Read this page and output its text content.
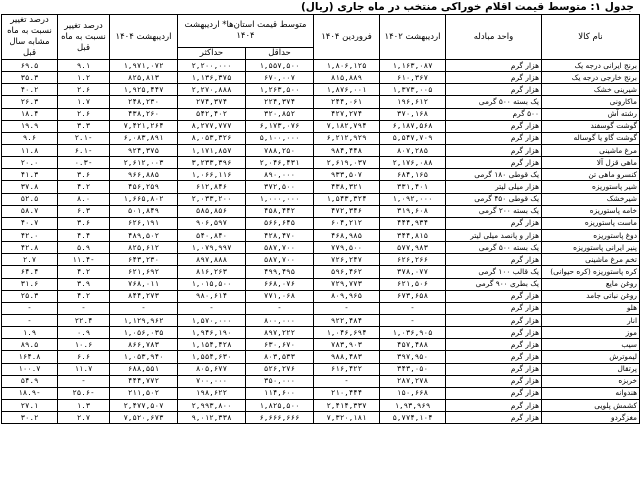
جدول ۱: متوسط قیمت اقلام خوراکی منتخب در ماه جاری (ریال)
نام کالا	واحد مبادله	اردیبهشت ۱۴۰۲	فروردین ۱۴۰۴	متوسط قیمت استان‌ها* اردیبهشت ۱۴۰۴		اردیبهشت ۱۴۰۴	درصد تغییر نسبت به ماه قبل	درصد تغییر نسبت به ماه مشابه سال قبل
				حداقل	حداکثر			
برنج ایرانی درجه یک	هزار گرم	۱,۱۶۳,۰۸۷	۱,۸۰۶,۱۲۵	۱,۵۵۷,۵۰۰	۲,۲۰۰,۰۰۰	۱,۹۷۱,۰۷۲	۹.۱	۶۹.۵
برنج خارجی درجه یک	هزار گرم	۶۱۰,۳۶۷	۸۱۵,۸۸۹	۶۷۰,۰۰۷	۱,۱۳۶,۳۷۵	۸۲۵,۸۱۳	۱.۲	۳۵.۳
شیرینی خشک	هزار گرم	۱,۳۷۳,۰۰۵	۱,۸۷۶,۰۰۱	۱,۲۶۳,۵۰۰	۲,۲۷۰,۸۸۸	۱,۹۲۵,۴۴۷	۲.۶	۴۰.۲
ماکارونی	یک بسته ۵۰۰ گرمی	۱۹۶,۶۱۲	۲۴۴,۰۶۱	۲۲۴,۳۷۴	۲۷۴,۳۷۴	۲۴۸,۲۳۰	۱.۷	۲۶.۳
رشته آش	۵۰۰ گرم	۳۷۰,۱۶۸	۴۲۷,۲۷۴	۳۲۰,۸۵۲	۵۴۲,۴۰۲	۴۳۸,۲۶۰	۲.۶	۱۸.۴
گوشت گوسفند	هزار گرم	۶,۱۸۷,۵۶۸	۷,۱۸۲,۷۹۴	۶,۱۷۳,۰۷۶	۸,۲۷۷,۷۷۷	۷,۴۲۱,۲۶۴	۳.۳	۱۹.۹
گوشت گاو یا گوساله	هزار گرم	۵,۵۴۷,۷۰۹	۶,۲۱۲,۹۲۹	۵,۱۰۰,۰۰۰	۸,۰۵۳,۳۲۶	۶,۰۸۳,۸۹۱	-۲.۱	۹.۶
مرغ ماشینی	هزار گرم	۸۰۷,۲۸۵	۹۸۴,۴۴۸	۷۸۸,۲۵۰	۱,۱۷۱,۸۵۷	۹۲۴,۳۷۵	-۶.۱	۱۱.۸
ماهی قزل آلا	هزار گرم	۲,۱۷۶,۰۸۸	۲,۶۱۹,۰۳۷	۲,۰۴۶,۴۳۱	۳,۲۳۳,۳۹۶	۲,۶۱۲,۰۰۳	-۰.۳	۲۰.۰
کنسرو ماهی تن	یک قوطی ۱۸۰ گرمی	۶۸۴,۱۶۵	۹۳۳,۵۰۷	۸۹۰,۰۰۰	۱,۰۶۶,۱۱۶	۹۶۶,۸۸۵	۳.۶	۴۱.۳
شیر پاستوریزه	هزار میلی لیتر	۳۳۱,۴۰۱	۴۳۸,۳۲۱	۳۷۲,۵۰۰	۶۱۲,۸۴۶	۴۵۶,۲۵۹	۴.۲	۳۷.۸
شیرخشک	یک قوطی ۴۵۰ گرمی	۱,۰۹۲,۰۰۰	۱,۵۴۳,۳۲۴	۱,۰۰۰,۰۰۰	۲,۰۳۳,۲۰۰	۱,۶۶۵,۸۰۲	۸.۰	۵۲.۵
خامه پاستوریزه	یک بسته ۲۰۰ گرمی	۳۱۹,۶۰۸	۴۷۲,۳۴۶	۴۵۸,۴۴۲	۵۸۵,۸۵۶	۵۰۱,۸۴۹	۶.۳	۵۸.۷
ماست پاستوریزه	هزار گرم	۴۴۴,۹۳۴	۶۰۴,۲۱۲	۵۶۶,۶۴۵	۹۰۶,۵۹۷	۶۲۶,۱۹۱	۳.۶	۴۰.۷
دوغ پاستوریزه	هزار و پانصد میلی لیتر	۳۴۴,۸۱۵	۴۶۸,۹۸۵	۴۲۸,۴۷۰	۵۴۰,۸۴۰	۴۸۹,۵۰۲	۴.۴	۴۲.۰
پنیر ایرانی پاستوریزه	یک بسته ۵۰۰ گرمی	۵۷۷,۹۸۳	۷۷۹,۵۰۰	۵۸۷,۷۰۰	۱,۰۷۹,۹۹۷	۸۲۵,۶۱۲	۵.۹	۴۲.۸
تخم مرغ ماشینی	هزار گرم	۶۲۶,۲۶۶	۷۲۶,۲۴۷	۵۸۷,۷۰۰	۸۹۷,۸۸۸	۶۴۳,۲۳۰	-۱۱.۴	۲.۷
کره پاستوریزه (کره حیوانی)	یک قالب ۱۰۰ گرمی	۳۷۸,۰۷۷	۵۹۶,۴۶۲	۴۹۹,۴۹۵	۸۱۶,۲۶۳	۶۲۱,۶۹۲	۴.۲	۶۴.۴
روغن مایع	یک بطری ۹۰۰ گرمی	۶۲۱,۵۰۶	۷۲۹,۷۷۳	۶۶۸,۰۷۶	۱,۰۱۵,۵۰۰	۷۶۸,۰۱۱	۳.۹	۳۱.۶
روغن نباتی جامد	هزار گرم	۶۷۳,۶۵۸	۸۰۹,۹۶۵	۷۷۱,۰۶۸	۹۸۰,۶۱۴	۸۴۴,۲۷۳	۴.۲	۲۵.۳
هلو	هزار گرم	-	-	-	-	-	-	-
انار	هزار گرم	-	۹۲۲,۴۸۴	۸۰۰,۰۰۰	۱,۵۷۰,۰۰۰	۱,۱۲۹,۹۶۲	۲۲.۴	-
موز	هزار گرم	۱,۰۳۶,۹۰۵	۱,۰۴۶,۶۹۴	۸۹۷,۲۲۲	۱,۹۴۶,۱۹۰	۱,۰۵۶,۰۳۵	۰.۹	۱.۹
سیب	هزار گرم	۴۵۷,۴۸۸	۷۸۳,۹۰۳	۶۳۰,۶۷۰	۱,۱۵۴,۴۲۸	۸۶۶,۷۸۳	۱۰.۶	۸۹.۵
لیموترش	هزار گرم	۳۹۷,۹۵۰	۹۸۸,۴۸۳	۸۰۳,۵۳۳	۱,۵۵۴,۶۳۰	۱,۰۵۳,۹۴۰	۶.۶	۱۶۴.۸
پرتقال	هزار گرم	۳۴۳,۰۵۰	۶۱۶,۴۲۲	۵۲۶,۲۷۶	۸۰۵,۶۷۷	۶۸۸,۵۵۱	۱۱.۷	۱۰۰.۷
خربزه	هزار گرم	۲۸۷,۲۷۸	-	۳۵۰,۰۰۰	۷۰۰,۰۰۰	۴۴۴,۷۷۲	-	۵۴.۹
هندوانه	هزار گرم	۱۵۰,۶۶۸	۲۱۰,۴۴۴	۱۱۴,۶۰۰	۱۹۸,۶۲۲	۲۱۱,۵۰۲	-۲۵.۶	-۱۸.۹
کشمش پلویی	هزار گرم	۱,۹۳,۹۶۹	۲,۴۱۴,۳۳۷	۱,۸۲۵,۵۰۰	۲,۹۹۳,۸۰۰	۲,۴۷۷,۵۰۷	۱.۳	۲۷.۱
مغزگردو	هزار گرم	۵,۷۷۴,۱۰۴	۷,۳۲۰,۱۸۱	۶,۶۶۶,۶۶۶	۹,۰۱۲,۳۳۸	۷,۵۲۰,۶۷۳	۲.۷	۳۰.۲
